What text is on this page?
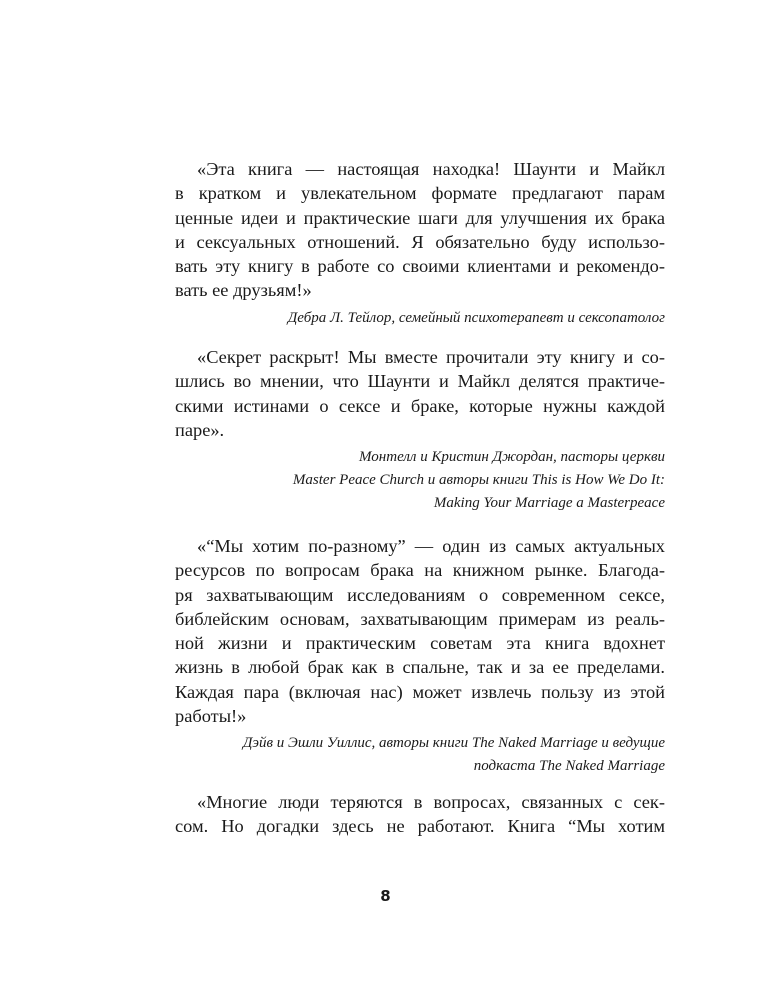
«Эта книга — настоящая находка! Шаунти и Майкл
в кратком и увлекательном формате предлагают парам
ценные идеи и практические шаги для улучшения их брака
и сексуальных отношений. Я обязательно буду использо-
вать эту книгу в работе со своими клиентами и рекомендо-
вать ее друзьям!»

Дебра Л. Тейлор, семейный психотерапевт и сексопатолог

«Секрет раскрыт! Мы вместе прочитали эту книгу и со-
шлись во мнении, что Шаунти и Майкл делятся практиче-
скими истинами о сексе и браке, которые нужны каждой
паре».

Монтелл и Кристин Джордан, пасторы церкви
Master Peace Church и авторы книги This is How We Do It:
Making Your Marriage a Masterpeace

«“Мы хотим по-разному” — один из самых актуальных
ресурсов по вопросам брака на книжном рынке. Благода-
ря захватывающим исследованиям о современном сексе,
библейским основам, захватывающим примерам из реаль-
ной жизни и практическим советам эта книга вдохнет
жизнь в любой брак как в спальне, так и за ее пределами.
Каждая пара (включая нас) может извлечь пользу из этой
работы!»

Дэйв и Эшли Уиллис, авторы книги The Naked Marriage и ведущие
подкаста The Naked Marriage

«Многие люди теряются в вопросах, связанных с сек-
сом. Но догадки здесь не работают. Книга “Мы хотим

8
